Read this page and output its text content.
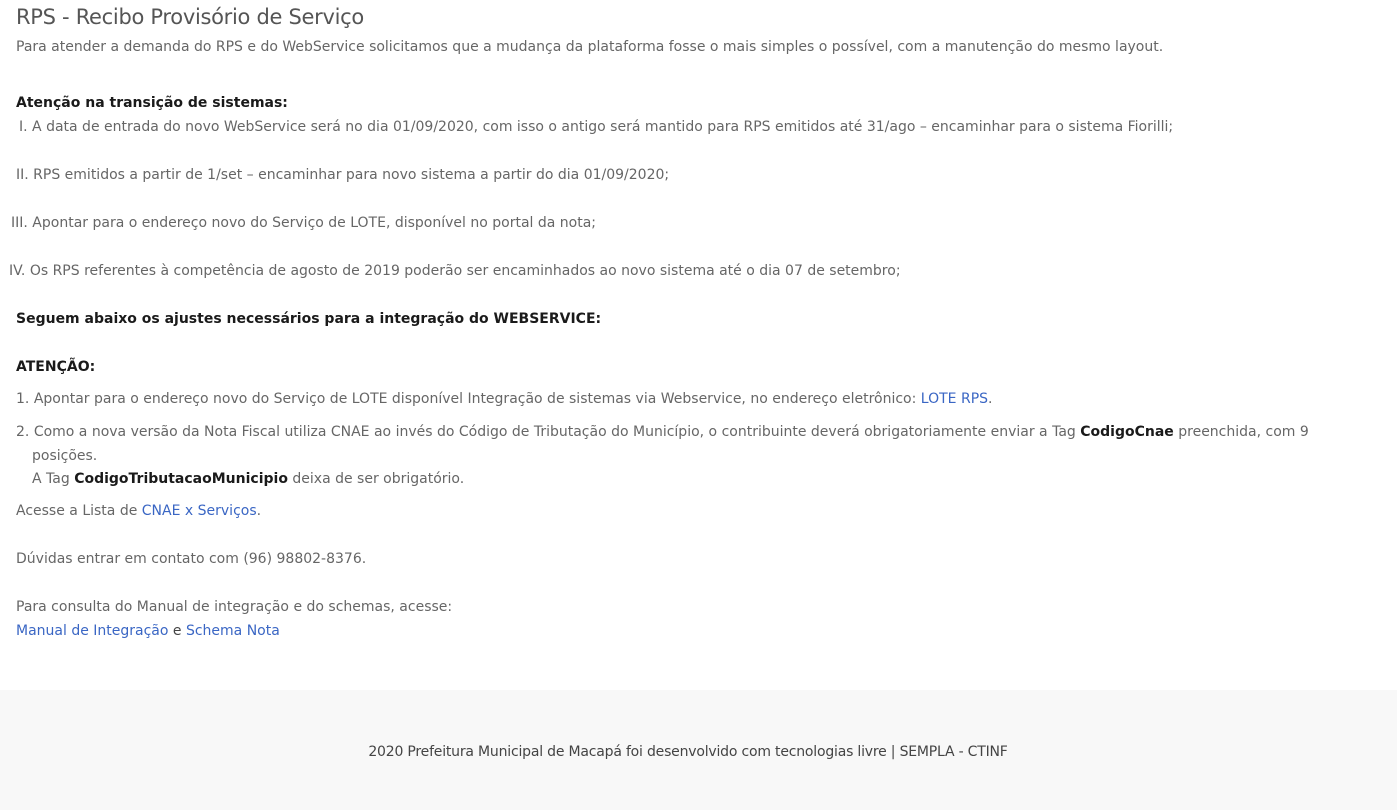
RPS - Recibo Provisório de Serviço
Para atender a demanda do RPS e do WebService solicitamos que a mudança da plataforma fosse o mais simples o possível, com a manutenção do mesmo layout.
Atenção na transição de sistemas:
I. A data de entrada do novo WebService será no dia 01/09/2020, com isso o antigo será mantido para RPS emitidos até 31/ago – encaminhar para o sistema Fiorilli;
II. RPS emitidos a partir de 1/set – encaminhar para novo sistema a partir do dia 01/09/2020;
III. Apontar para o endereço novo do Serviço de LOTE, disponível no portal da nota;
IV. Os RPS referentes à competência de agosto de 2019 poderão ser encaminhados ao novo sistema até o dia 07 de setembro;
Seguem abaixo os ajustes necessários para a integração do WEBSERVICE:
ATENÇÃO:
1. Apontar para o endereço novo do Serviço de LOTE disponível Integração de sistemas via Webservice, no endereço eletrônico: LOTE RPS.
2. Como a nova versão da Nota Fiscal utiliza CNAE ao invés do Código de Tributação do Município, o contribuinte deverá obrigatoriamente enviar a Tag CodigoCnae preenchida, com 9
posições.
A Tag CodigoTributacaoMunicipio deixa de ser obrigatório.
Acesse a Lista de CNAE x Serviços.
Dúvidas entrar em contato com (96) 98802-8376.
Para consulta do Manual de integração e do schemas, acesse:
Manual de Integração e Schema Nota
2020 Prefeitura Municipal de Macapá foi desenvolvido com tecnologias livre | SEMPLA - CTINF
